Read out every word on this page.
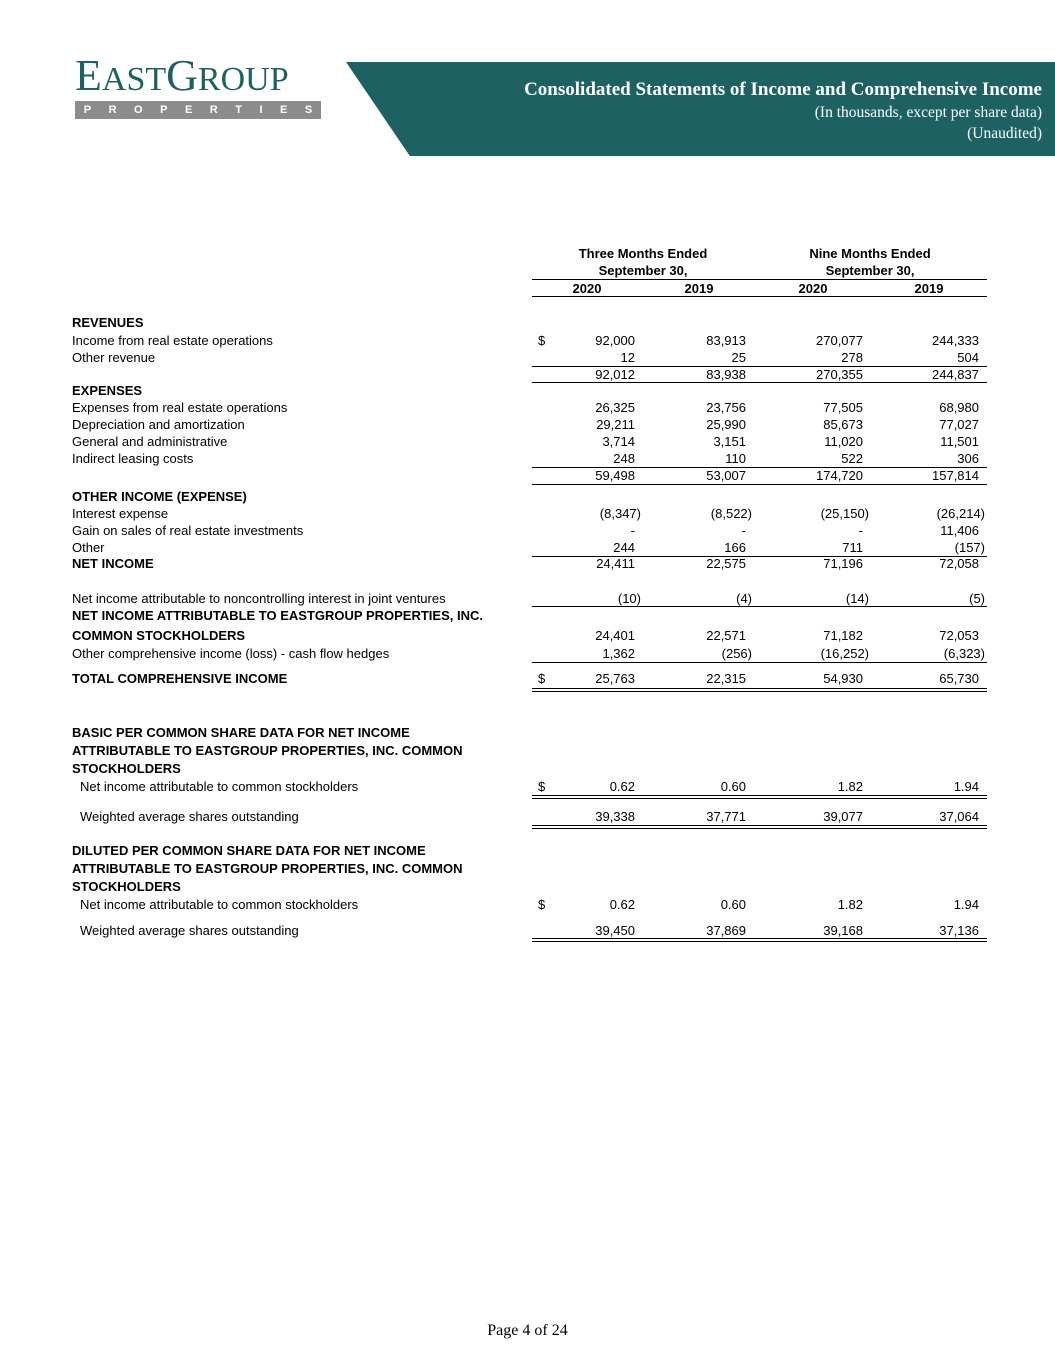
EASTGROUP
P R O P E R T I E S
Consolidated Statements of Income and Comprehensive Income
(In thousands, except per share data)
(Unaudited)
Three Months Ended
September 30,
Nine Months Ended
September 30,
2020	2019	2020	2019
REVENUES
Income from real estate operations	$	92,000	83,913	270,077	244,333
Other revenue	12	25	278	504
92,012	83,938	270,355	244,837
EXPENSES
Expenses from real estate operations	26,325	23,756	77,505	68,980
Depreciation and amortization	29,211	25,990	85,673	77,027
General and administrative	3,714	3,151	11,020	11,501
Indirect leasing costs	248	110	522	306
59,498	53,007	174,720	157,814
OTHER INCOME (EXPENSE)
Interest expense	(8,347)	(8,522)	(25,150)	(26,214)
Gain on sales of real estate investments	-	-	-	11,406
Other	244	166	711	(157)
NET INCOME	24,411	22,575	71,196	72,058
Net income attributable to noncontrolling interest in joint ventures	(10)	(4)	(14)	(5)
NET INCOME ATTRIBUTABLE TO EASTGROUP PROPERTIES, INC.
COMMON STOCKHOLDERS	24,401	22,571	71,182	72,053
Other comprehensive income (loss) - cash flow hedges	1,362	(256)	(16,252)	(6,323)
TOTAL COMPREHENSIVE INCOME	$	25,763	22,315	54,930	65,730
BASIC PER COMMON SHARE DATA FOR NET INCOME
ATTRIBUTABLE TO EASTGROUP PROPERTIES, INC. COMMON
STOCKHOLDERS
Net income attributable to common stockholders	$	0.62	0.60	1.82	1.94
Weighted average shares outstanding	39,338	37,771	39,077	37,064
DILUTED PER COMMON SHARE DATA FOR NET INCOME
ATTRIBUTABLE TO EASTGROUP PROPERTIES, INC. COMMON
STOCKHOLDERS
Net income attributable to common stockholders	$	0.62	0.60	1.82	1.94
Weighted average shares outstanding	39,450	37,869	39,168	37,136
Page 4 of 24
